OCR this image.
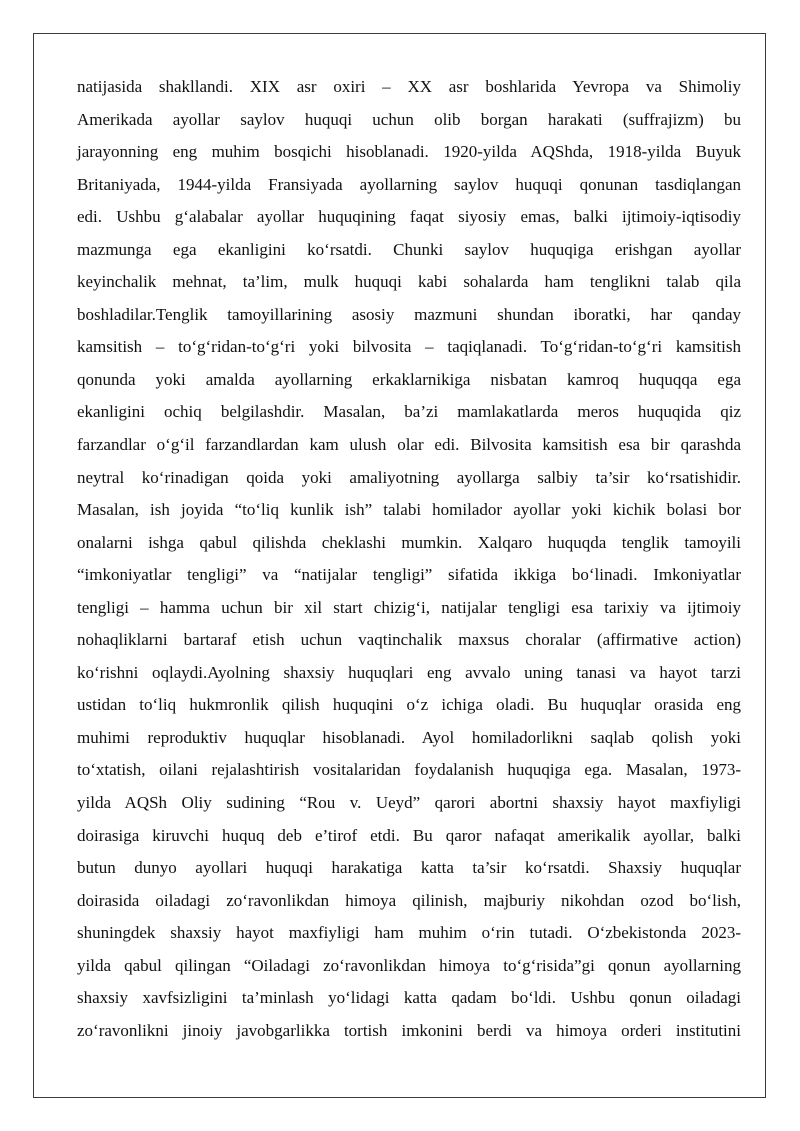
natijasida shakllandi. XIX asr oxiri – XX asr boshlarida Yevropa va Shimoliy
Amerikada ayollar saylov huquqi uchun olib borgan harakati (suffrajizm) bu
jarayonning eng muhim bosqichi hisoblanadi. 1920-yilda AQShda, 1918-yilda Buyuk
Britaniyada, 1944-yilda Fransiyada ayollarning saylov huquqi qonunan tasdiqlangan
edi. Ushbu g‘alabalar ayollar huquqining faqat siyosiy emas, balki ijtimoiy-iqtisodiy
mazmunga ega ekanligini ko‘rsatdi. Chunki saylov huquqiga erishgan ayollar
keyinchalik mehnat, ta’lim, mulk huquqi kabi sohalarda ham tenglikni talab qila
boshladilar.Tenglik tamoyillarining asosiy mazmuni shundan iboratki, har qanday
kamsitish – to‘g‘ridan-to‘g‘ri yoki bilvosita – taqiqlanadi. To‘g‘ridan-to‘g‘ri kamsitish
qonunda yoki amalda ayollarning erkaklarnikiga nisbatan kamroq huquqqa ega
ekanligini ochiq belgilashdir. Masalan, ba’zi mamlakatlarda meros huquqida qiz
farzandlar o‘g‘il farzandlardan kam ulush olar edi. Bilvosita kamsitish esa bir qarashda
neytral ko‘rinadigan qoida yoki amaliyotning ayollarga salbiy ta’sir ko‘rsatishidir.
Masalan, ish joyida “to‘liq kunlik ish” talabi homilador ayollar yoki kichik bolasi bor
onalarni ishga qabul qilishda cheklashi mumkin. Xalqaro huquqda tenglik tamoyili
“imkoniyatlar tengligi” va “natijalar tengligi” sifatida ikkiga bo‘linadi. Imkoniyatlar
tengligi – hamma uchun bir xil start chizig‘i, natijalar tengligi esa tarixiy va ijtimoiy
nohaqliklarni bartaraf etish uchun vaqtinchalik maxsus choralar (affirmative action)
ko‘rishni oqlaydi.Ayolning shaxsiy huquqlari eng avvalo uning tanasi va hayot tarzi
ustidan to‘liq hukmronlik qilish huquqini o‘z ichiga oladi. Bu huquqlar orasida eng
muhimi reproduktiv huquqlar hisoblanadi. Ayol homiladorlikni saqlab qolish yoki
to‘xtatish, oilani rejalashtirish vositalaridan foydalanish huquqiga ega. Masalan, 1973-
yilda AQSh Oliy sudining “Rou v. Ueyd” qarori abortni shaxsiy hayot maxfiyligi
doirasiga kiruvchi huquq deb e’tirof etdi. Bu qaror nafaqat amerikalik ayollar, balki
butun dunyo ayollari huquqi harakatiga katta ta’sir ko‘rsatdi. Shaxsiy huquqlar
doirasida oiladagi zo‘ravonlikdan himoya qilinish, majburiy nikohdan ozod bo‘lish,
shuningdek shaxsiy hayot maxfiyligi ham muhim o‘rin tutadi. O‘zbekistonda 2023-
yilda qabul qilingan “Oiladagi zo‘ravonlikdan himoya to‘g‘risida”gi qonun ayollarning
shaxsiy xavfsizligini ta’minlash yo‘lidagi katta qadam bo‘ldi. Ushbu qonun oiladagi
zo‘ravonlikni jinoiy javobgarlikka tortish imkonini berdi va himoya orderi institutini
